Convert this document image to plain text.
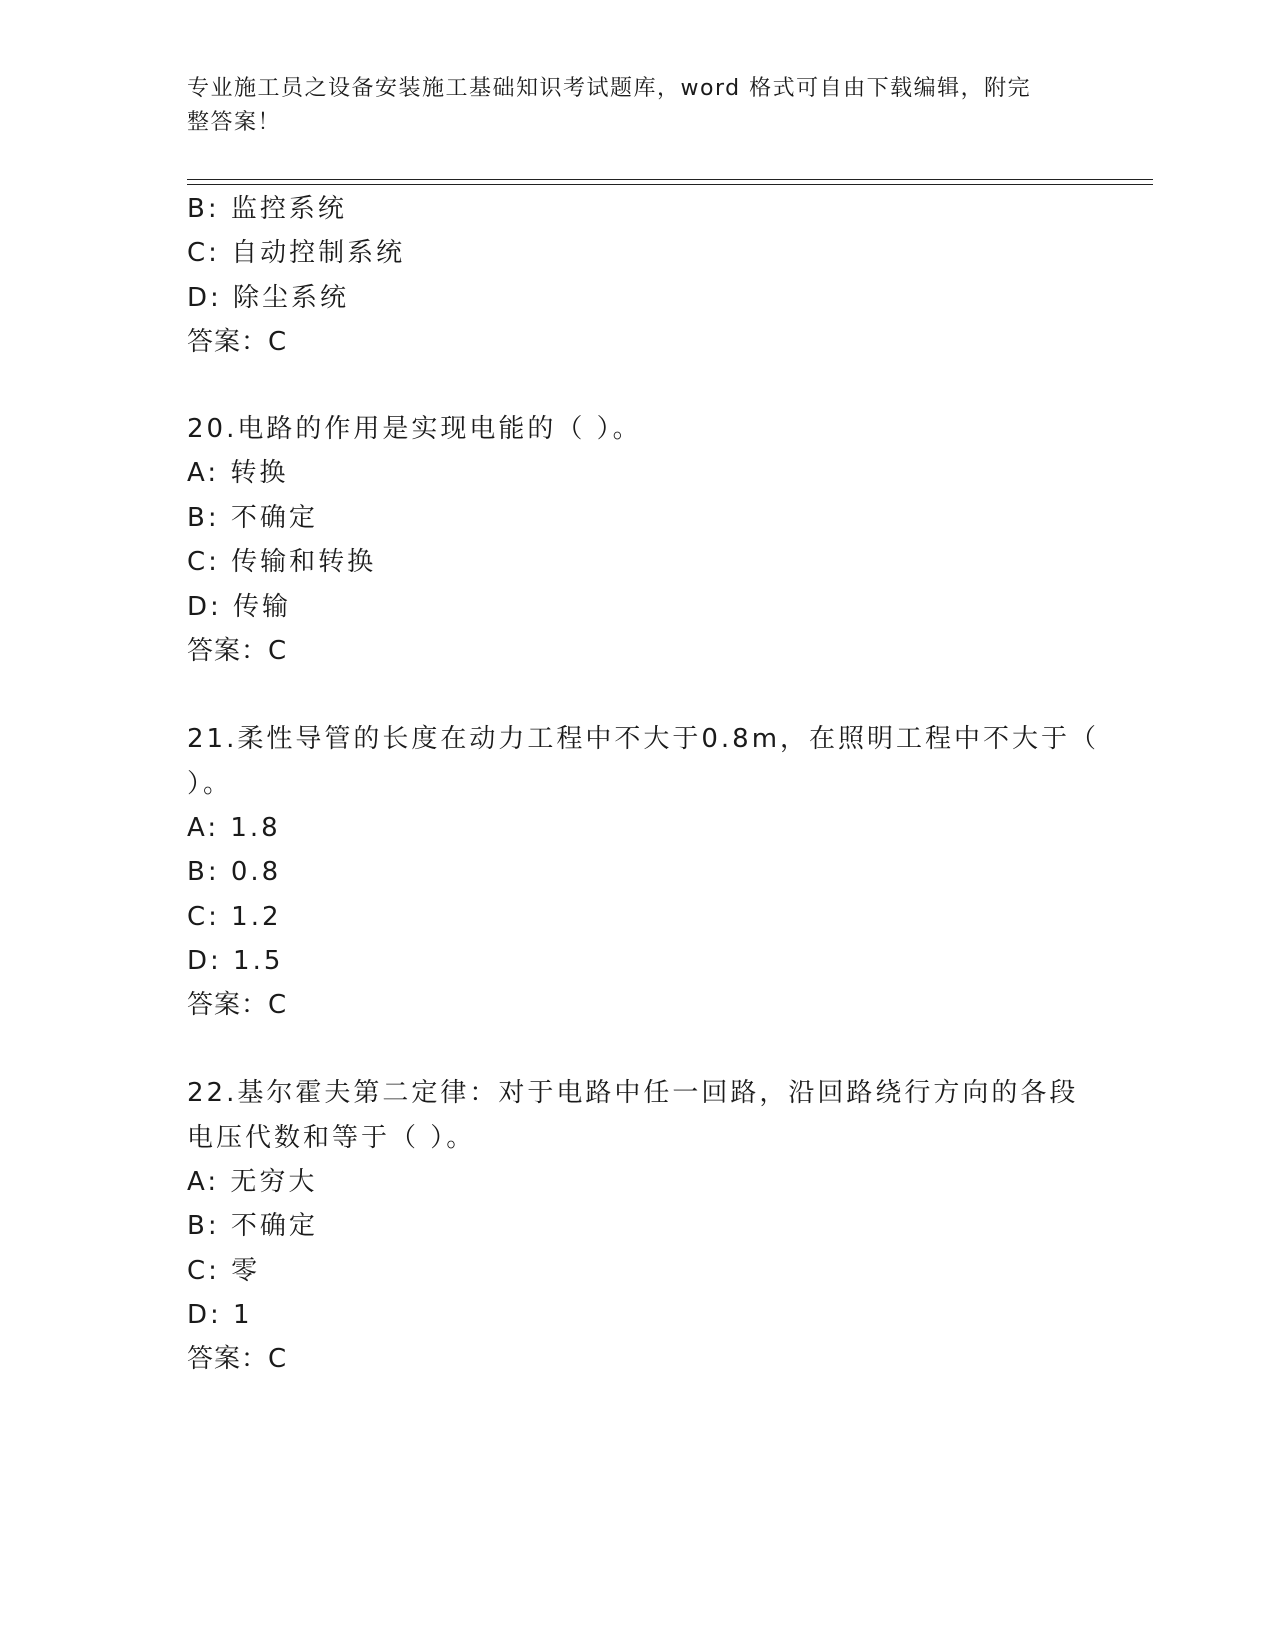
专业施工员之设备安装施工基础知识考试题库，word 格式可自由下载编辑，附完
整答案！
B: 监控系统
C: 自动控制系统
D: 除尘系统
答案：C
20.电路的作用是实现电能的（ ）。
A: 转换
B: 不确定
C: 传输和转换
D: 传输
答案：C
21.柔性导管的长度在动力工程中不大于0.8m，在照明工程中不大于（
）。
A: 1.8
B: 0.8
C: 1.2
D: 1.5
答案：C
22.基尔霍夫第二定律：对于电路中任一回路，沿回路绕行方向的各段
电压代数和等于（ ）。
A: 无穷大
B: 不确定
C: 零
D: 1
答案：C
